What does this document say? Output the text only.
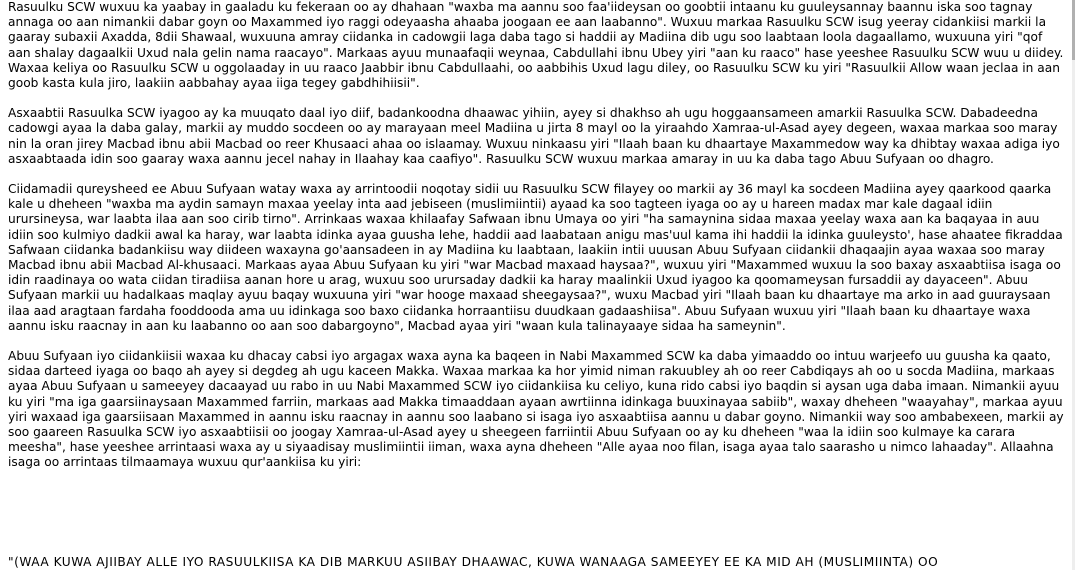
Rasuulku SCW wuxuu ka yaabay in gaaladu ku fekeraan oo ay dhahaan "waxba ma aannu soo faa'iideysan oo goobtii intaanu ku guuleysannay baannu iska soo tagnay annaga oo aan nimankii dabar goyn oo Maxammed iyo raggi odeyaasha ahaaba joogaan ee aan laabanno". Wuxuu markaa Rasuulku SCW isug yeeray cidankiisi markii la gaaray subaxii Axadda, 8dii Shawaal, wuxuuna amray ciidanka in cadowgii laga daba tago si haddii ay Madiina dib ugu soo laabtaan loola dagaallamo, wuxuuna yiri "qof aan shalay dagaalkii Uxud nala gelin nama raacayo". Markaas ayuu munaafaqii weynaa, Cabdullahi ibnu Ubey yiri "aan ku raaco" hase yeeshee Rasuulku SCW wuu u diidey. Waxaa keliya oo Rasuulku SCW u oggolaaday in uu raaco Jaabbir ibnu Cabdullaahi, oo aabbihis Uxud lagu diley, oo Rasuulku SCW ku yiri "Rasuulkii Allow waan jeclaa in aan goob kasta kula jiro, laakiin aabbahay ayaa iiga tegey gabdhihiisii".

Asxaabtii Rasuulka SCW iyagoo ay ka muuqato daal iyo diif, badankoodna dhaawac yihiin, ayey si dhakhso ah ugu hoggaansameen amarkii Rasuulka SCW. Dabadeedna cadowgi ayaa la daba galay, markii ay muddo socdeen oo ay marayaan meel Madiina u jirta 8 mayl oo la yiraahdo Xamraa-ul-Asad ayey degeen, waxaa markaa soo maray nin la oran jirey Macbad ibnu abii Macbad oo reer Khusaaci ahaa oo islaamay. Wuxuu ninkaasu yiri "Ilaah baan ku dhaartaye Maxammedow way ka dhibtay waxaa adiga iyo asxaabtaada idin soo gaaray waxa aannu jecel nahay in Ilaahay kaa caafiyo". Rasuulku SCW wuxuu markaa amaray in uu ka daba tago Abuu Sufyaan oo dhagro.

Ciidamadii qureysheed ee Abuu Sufyaan watay waxa ay arrintoodii noqotay sidii uu Rasuulku SCW filayey oo markii ay 36 mayl ka socdeen Madiina ayey qaarkood qaarka kale u dheheen "waxba ma aydin samayn maxaa yeelay inta aad jebiseen (muslimiintii) ayaad ka soo tagteen iyaga oo ay u hareen madax mar kale dagaal idiin urursineysa, war laabta ilaa aan soo cirib tirno". Arrinkaas waxaa khilaafay Safwaan ibnu Umaya oo yiri "ha samaynina sidaa maxaa yeelay waxa aan ka baqayaa in auu idiin soo kulmiyo dadkii awal ka haray, war laabta idinka ayaa guusha lehe, haddii aad laabataan anigu mas'uul kama ihi haddii la idinka guuleysto', hase ahaatee fikraddaa Safwaan ciidanka badankiisu way diideen waxayna go'aansadeen in ay Madiina ku laabtaan, laakiin intii uuusan Abuu Sufyaan ciidankii dhaqaajin ayaa waxaa soo maray Macbad ibnu abii Macbad Al-khusaaci. Markaas ayaa Abuu Sufyaan ku yiri "war Macbad maxaad haysaa?", wuxuu yiri "Maxammed wuxuu la soo baxay asxaabtiisa isaga oo idin raadinaya oo wata ciidan tiradiisa aanan hore u arag, wuxuu soo urursaday dadkii ka haray maalinkii Uxud iyagoo ka qoomameysan fursaddii ay dayaceen". Abuu Sufyaan markii uu hadalkaas maqlay ayuu baqay wuxuuna yiri "war hooge maxaad sheegaysaa?", wuxu Macbad yiri "Ilaah baan ku dhaartaye ma arko in aad guuraysaan ilaa aad aragtaan fardaha fooddooda ama uu idinkaga soo baxo ciidanka horraantiisu duudkaan gadaashiisa". Abuu Sufyaan wuxuu yiri "Ilaah baan ku dhaartaye waxa aannu isku raacnay in aan ku laabanno oo aan soo dabargoyno", Macbad ayaa yiri "waan kula talinayaaye sidaa ha sameynin".

Abuu Sufyaan iyo ciidankiisii waxaa ku dhacay cabsi iyo argagax waxa ayna ka baqeen in Nabi Maxammed SCW ka daba yimaaddo oo intuu warjeefo uu guusha ka qaato, sidaa darteed iyaga oo baqo ah ayey si degdeg ah ugu kaceen Makka. Waxaa markaa ka hor yimid niman rakuubley ah oo reer Cabdiqays ah oo u socda Madiina, markaas ayaa Abuu Sufyaan u sameeyey dacaayad uu rabo in uu Nabi Maxammed SCW iyo ciidankiisa ku celiyo, kuna rido cabsi iyo baqdin si aysan uga daba imaan. Nimankii ayuu ku yiri "ma iga gaarsiinaysaan Maxammed farriin, markaas aad Makka timaaddaan ayaan awrtiinna idinkaga buuxinayaa sabiib", waxay dheheen "waayahay", markaa ayuu yiri waxaad iga gaarsiisaan Maxammed in aannu isku raacnay in aannu soo laabano si isaga iyo asxaabtiisa aannu u dabar goyno. Nimankii way soo ambabexeen, markii ay soo gaareen Rasuulka SCW iyo asxaabtiisii oo joogay Xamraa-ul-Asad ayey u sheegeen farriintii Abuu Sufyaan oo ay ku dheheen "waa la idiin soo kulmaye ka carara meesha", hase yeeshee arrintaasi waxa ay u siyaadisay muslimiintii iiman, waxa ayna dheheen "Alle ayaa noo filan, isaga ayaa talo saarasho u nimco lahaaday". Allaahna isaga oo arrintaas tilmaamaya wuxuu qur'aankiisa ku yiri:

"(WAA KUWA AJIIBAY ALLE IYO RASUULKIISA KA DIB MARKUU ASIIBAY DHAAWAC, KUWA WANAAGA SAMEEYEY EE KA MID AH (MUSLIMIINTA) OO
